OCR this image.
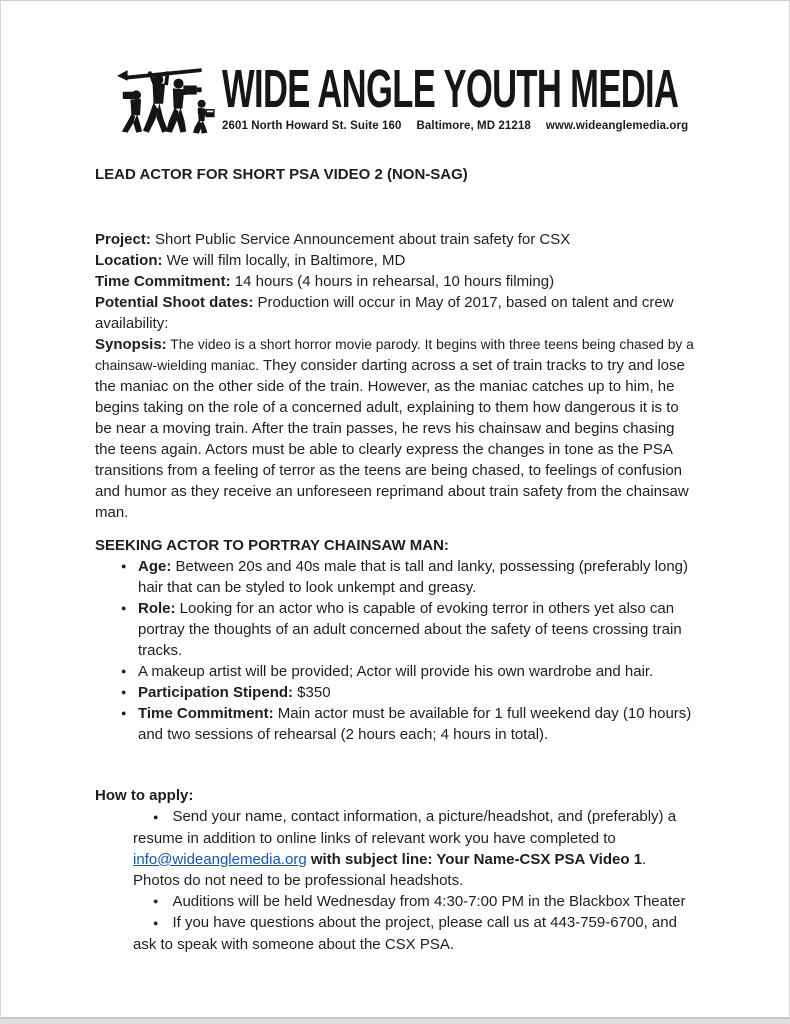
WIDE ANGLE YOUTH MEDIA
2601 North Howard St. Suite 160 Baltimore, MD 21218 www.wideanglemedia.org
LEAD ACTOR FOR SHORT PSA VIDEO 2 (NON-SAG)
Project: Short Public Service Announcement about train safety for CSX
Location: We will film locally, in Baltimore, MD
Time Commitment: 14 hours (4 hours in rehearsal, 10 hours filming)
Potential Shoot dates: Production will occur in May of 2017, based on talent and crew availability:
Synopsis: The video is a short horror movie parody. It begins with three teens being chased by a chainsaw-wielding maniac. They consider darting across a set of train tracks to try and lose the maniac on the other side of the train. However, as the maniac catches up to him, he begins taking on the role of a concerned adult, explaining to them how dangerous it is to be near a moving train. After the train passes, he revs his chainsaw and begins chasing the teens again. Actors must be able to clearly express the changes in tone as the PSA transitions from a feeling of terror as the teens are being chased, to feelings of confusion and humor as they receive an unforeseen reprimand about train safety from the chainsaw man.
SEEKING ACTOR TO PORTRAY CHAINSAW MAN:
● Age: Between 20s and 40s male that is tall and lanky, possessing (preferably long) hair that can be styled to look unkempt and greasy.
● Role: Looking for an actor who is capable of evoking terror in others yet also can portray the thoughts of an adult concerned about the safety of teens crossing train tracks.
● A makeup artist will be provided; Actor will provide his own wardrobe and hair.
● Participation Stipend: $350
● Time Commitment: Main actor must be available for 1 full weekend day (10 hours) and two sessions of rehearsal (2 hours each; 4 hours in total).
How to apply:
● Send your name, contact information, a picture/headshot, and (preferably) a resume in addition to online links of relevant work you have completed to info@wideanglemedia.org with subject line: Your Name-CSX PSA Video 1. Photos do not need to be professional headshots.
● Auditions will be held Wednesday from 4:30-7:00 PM in the Blackbox Theater
● If you have questions about the project, please call us at 443-759-6700, and ask to speak with someone about the CSX PSA.
